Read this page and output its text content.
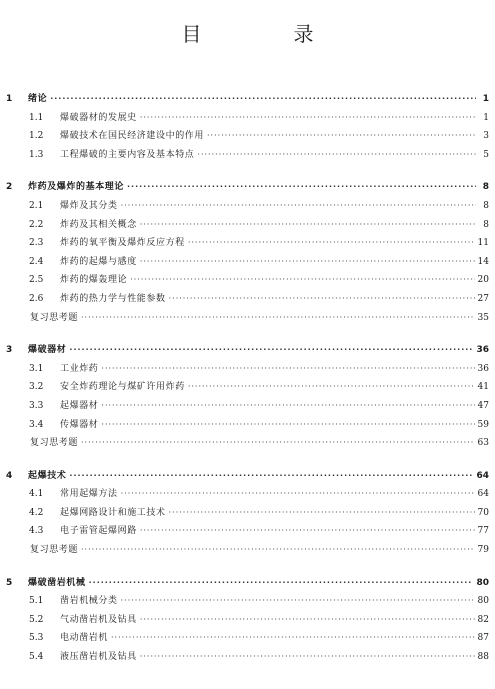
目　录
1	绪论 ·····	1
1.1	爆破器材的发展史 ·····	1
1.2	爆破技术在国民经济建设中的作用 ·····	3
1.3	工程爆破的主要内容及基本特点 ·····	5
2	炸药及爆炸的基本理论 ·····	8
2.1	爆炸及其分类 ·····	8
2.2	炸药及其相关概念 ·····	8
2.3	炸药的氧平衡及爆炸反应方程 ·····	11
2.4	炸药的起爆与感度 ·····	14
2.5	炸药的爆轰理论 ·····	20
2.6	炸药的热力学与性能参数 ·····	27
复习思考题 ·····	35
3	爆破器材 ·····	36
3.1	工业炸药 ·····	36
3.2	安全炸药理论与煤矿许用炸药 ·····	41
3.3	起爆器材 ·····	47
3.4	传爆器材 ·····	59
复习思考题 ·····	63
4	起爆技术 ·····	64
4.1	常用起爆方法 ·····	64
4.2	起爆网路设计和施工技术 ·····	70
4.3	电子雷管起爆网路 ·····	77
复习思考题 ·····	79
5	爆破凿岩机械 ·····	80
5.1	凿岩机械分类 ·····	80
5.2	气动凿岩机及钻具 ·····	82
5.3	电动凿岩机 ·····	87
5.4	液压凿岩机及钻具 ·····	88
